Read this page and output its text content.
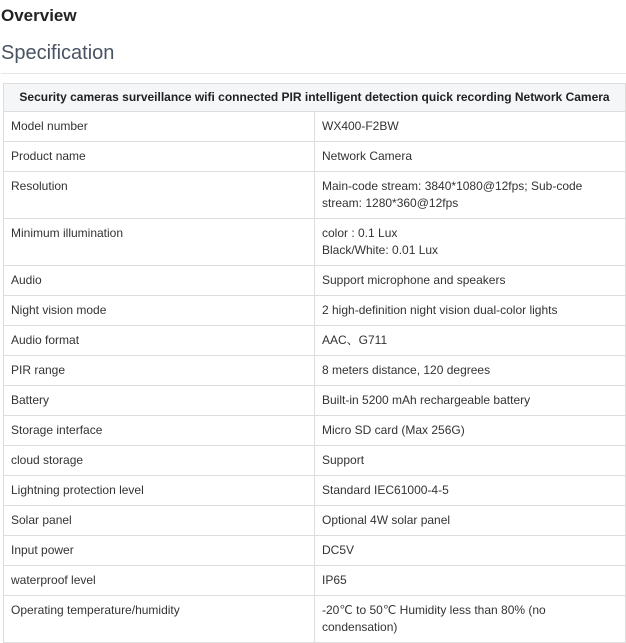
Overview
Specification
Security cameras surveillance wifi connected PIR intelligent detection quick recording Network Camera	
Model number	WX400-F2BW
Product name	Network Camera
Resolution	Main-code stream: 3840*1080@12fps; Sub-code stream: 1280*360@12fps
Minimum illumination	color : 0.1 Lux
Black/White: 0.01 Lux
Audio	Support microphone and speakers
Night vision mode	2 high-definition night vision dual-color lights
Audio format	AAC、G711
PIR range	8 meters distance, 120 degrees
Battery	Built-in 5200 mAh rechargeable battery
Storage interface	Micro SD card (Max 256G)
cloud storage	Support
Lightning protection level	Standard IEC61000-4-5
Solar panel	Optional 4W solar panel
Input power	DC5V
waterproof level	IP65
Operating temperature/humidity	-20℃ to 50℃ Humidity less than 80% (no condensation)
